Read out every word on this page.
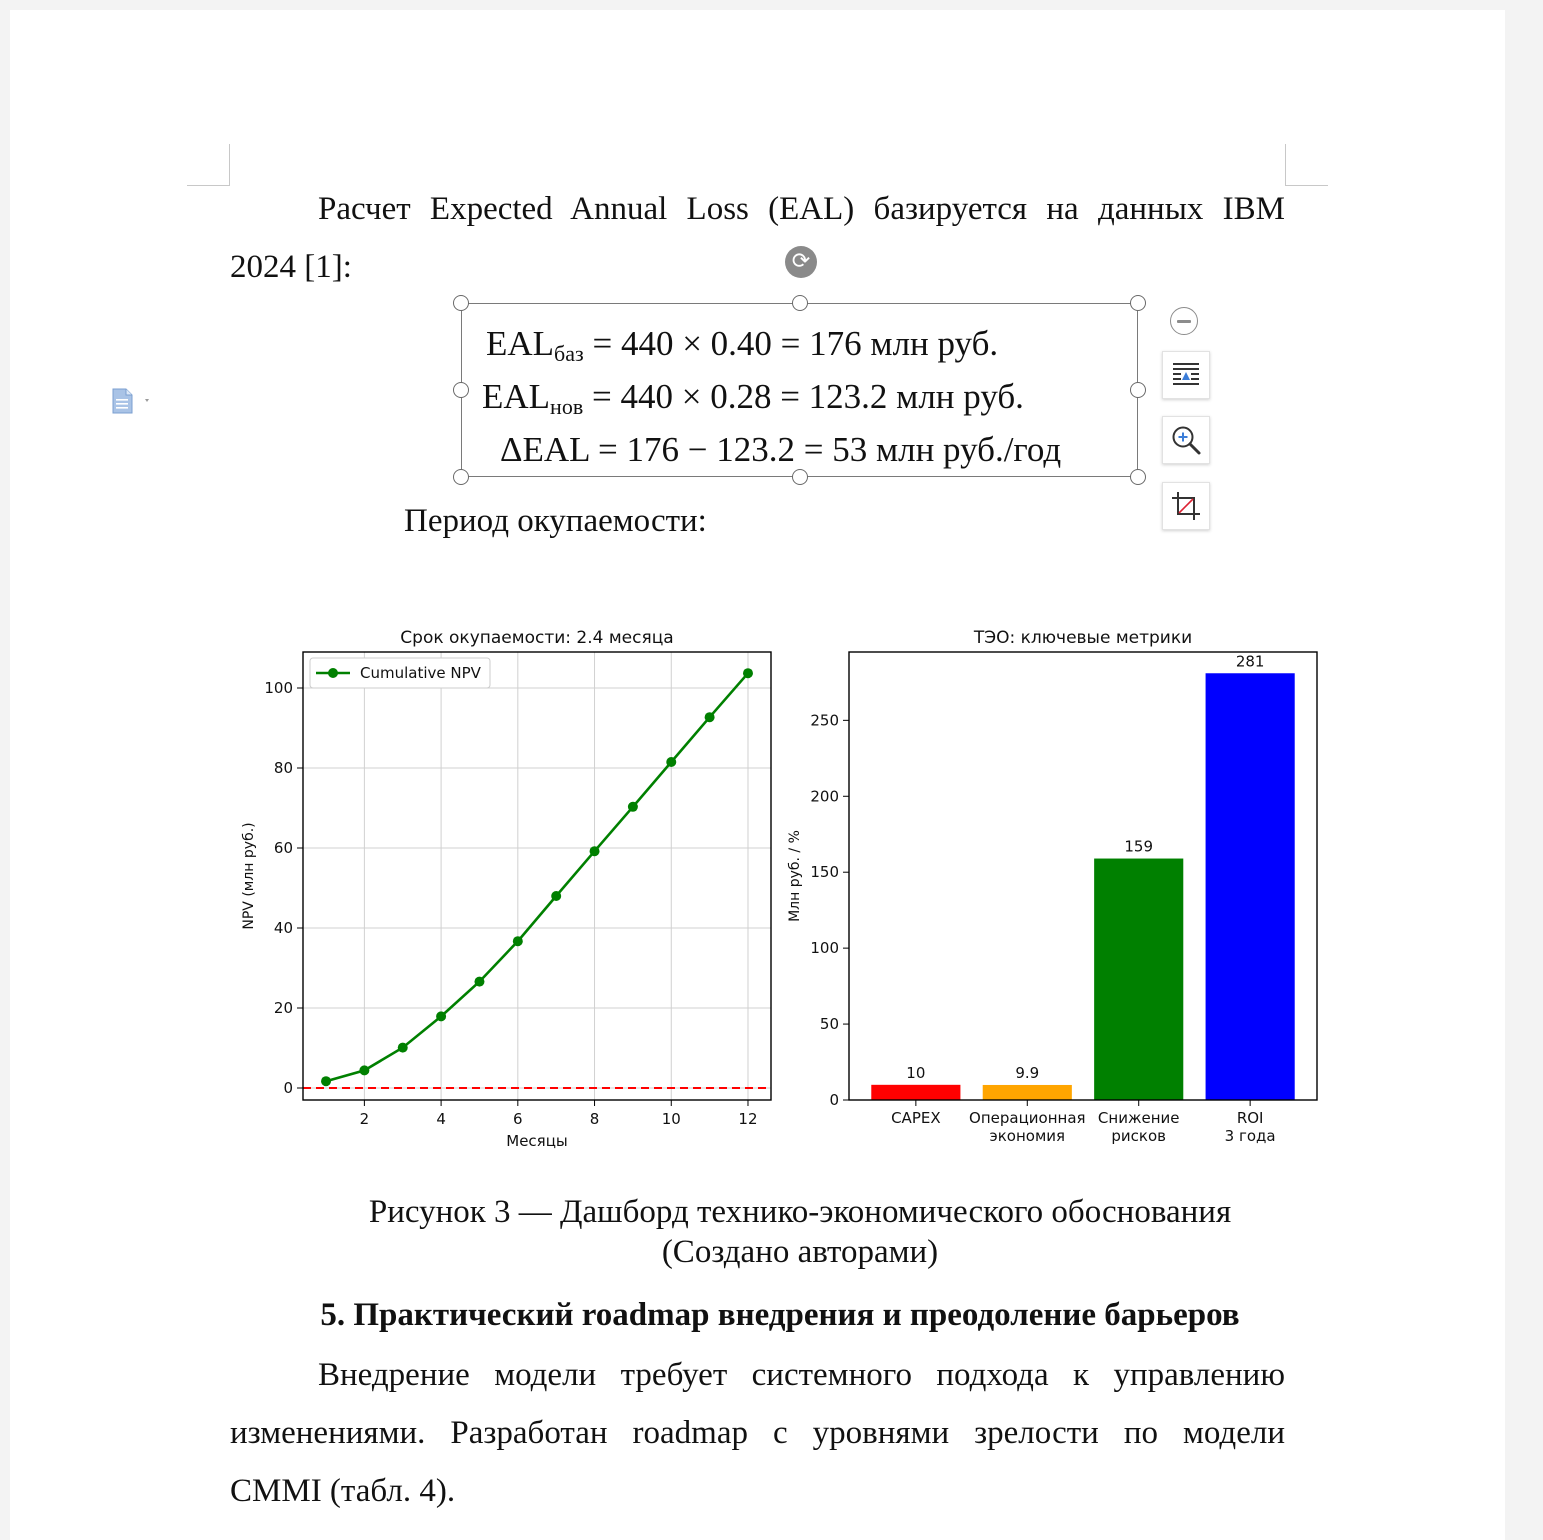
Расчет Expected Annual Loss (EAL) базируется на данных IBM
2024 [1]:	⟳
$EAL_{баз} = 440 \times 0.40 = 176$ млн руб.
$EAL_{нов} = 440 \times 0.28 = 123.2$ млн руб.
ΔEAL = 176 − 123.2 = 53 млн руб./год
Период окупаемости:
Срок окупаемости: 2.4 месяца
2	4	6	8	10	12
0
20
40
60
80
100
Месяцы
NPV (млн руб.)
Cumulative NPV
ТЭО: ключевые метрики
10	9.9
159
281
CAPEX Операционная
экономия
Снижение
рисков
ROI
3 года
0
50
100
150
200
250
Млн руб. / %
Рисунок 3 — Дашборд технико-экономического обоснования
(Создано авторами)
5. Практический roadmap внедрения и преодоление барьеров
Внедрение модели требует системного подхода к управлению
изменениями. Разработан roadmap с уровнями зрелости по модели
CMMI (табл. 4).
